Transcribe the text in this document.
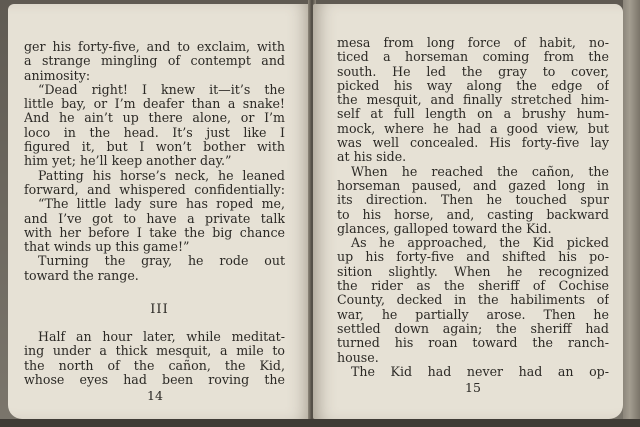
ger his forty-five, and to exclaim, with
a strange mingling of contempt and
animosity:
“Dead right! I knew it—it’s the
little bay, or I’m deafer than a snake!
And he ain’t up there alone, or I’m
loco in the head. It’s just like I
figured it, but I won’t bother with
him yet; he’ll keep another day.”
Patting his horse’s neck, he leaned
forward, and whispered confidentially:
“The little lady sure has roped me,
and I’ve got to have a private talk
with her before I take the big chance
that winds up this game!”
Turning the gray, he rode out
toward the range.
III
Half an hour later, while meditat-
ing under a thick mesquit, a mile to
the north of the cañon, the Kid,
whose eyes had been roving the
14
mesa from long force of habit, no-
ticed a horseman coming from the
south. He led the gray to cover,
picked his way along the edge of
the mesquit, and finally stretched him-
self at full length on a brushy hum-
mock, where he had a good view, but
was well concealed. His forty-five lay
at his side.
When he reached the cañon, the
horseman paused, and gazed long in
its direction. Then he touched spur
to his horse, and, casting backward
glances, galloped toward the Kid.
As he approached, the Kid picked
up his forty-five and shifted his po-
sition slightly. When he recognized
the rider as the sheriff of Cochise
County, decked in the habiliments of
war, he partially arose. Then he
settled down again; the sheriff had
turned his roan toward the ranch-
house.
The Kid had never had an op-
15
